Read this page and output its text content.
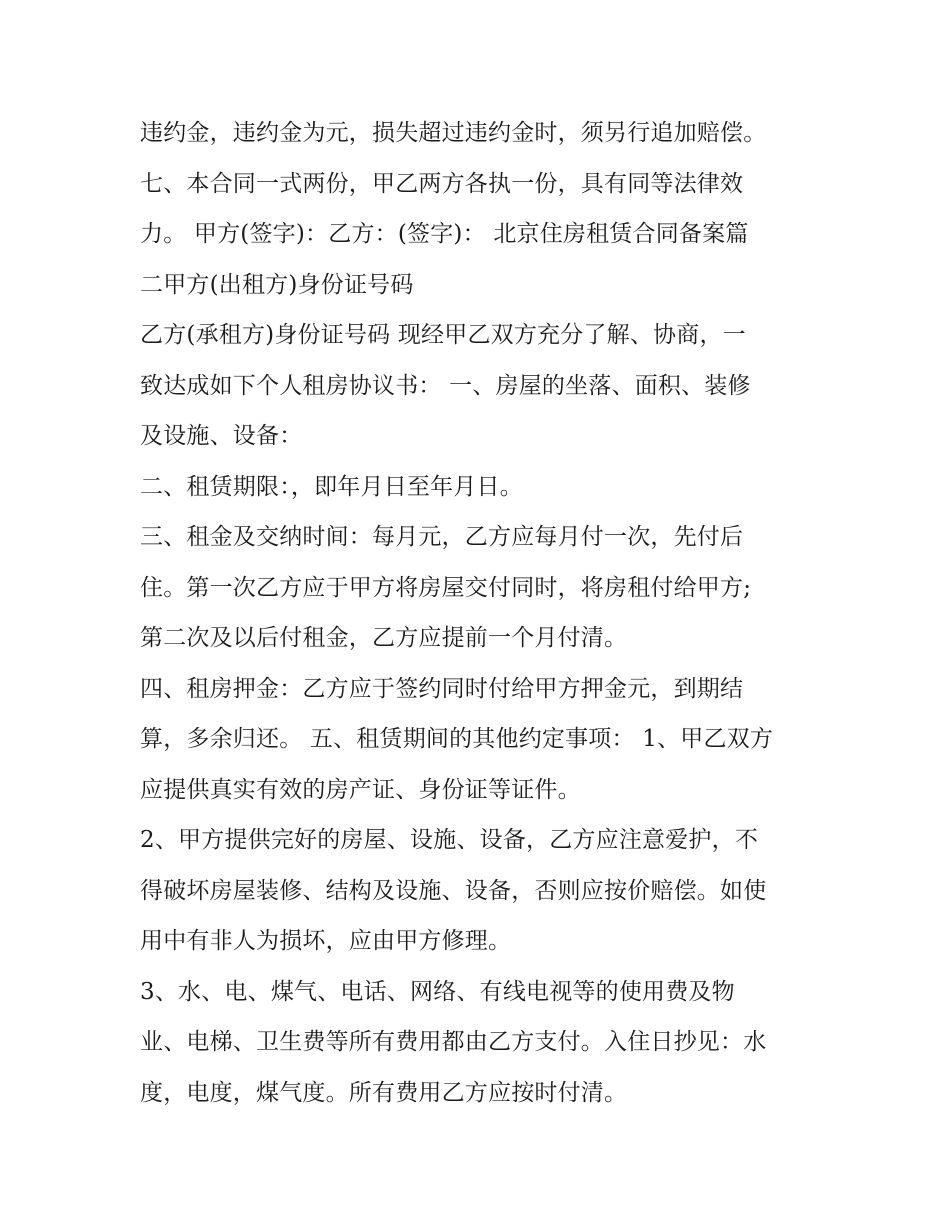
违约金，违约金为元，损失超过违约金时，须另行追加赔偿。
七、本合同一式两份，甲乙两方各执一份，具有同等法律效
力。 甲方(签字)：乙方：(签字)： 北京住房租赁合同备案篇
二甲方(出租方)身份证号码
乙方(承租方)身份证号码 现经甲乙双方充分了解、协商，一
致达成如下个人租房协议书： 一、房屋的坐落、面积、装修
及设施、设备：
二、租赁期限：，即年月日至年月日。
三、租金及交纳时间：每月元，乙方应每月付一次，先付后
住。第一次乙方应于甲方将房屋交付同时，将房租付给甲方;
第二次及以后付租金，乙方应提前一个月付清。
四、租房押金：乙方应于签约同时付给甲方押金元，到期结
算，多余归还。 五、租赁期间的其他约定事项： 1、甲乙双方
应提供真实有效的房产证、身份证等证件。
2、甲方提供完好的房屋、设施、设备，乙方应注意爱护，不
得破坏房屋装修、结构及设施、设备，否则应按价赔偿。如使
用中有非人为损坏，应由甲方修理。
3、水、电、煤气、电话、网络、有线电视等的使用费及物
业、电梯、卫生费等所有费用都由乙方支付。入住日抄见：水
度，电度，煤气度。所有费用乙方应按时付清。
